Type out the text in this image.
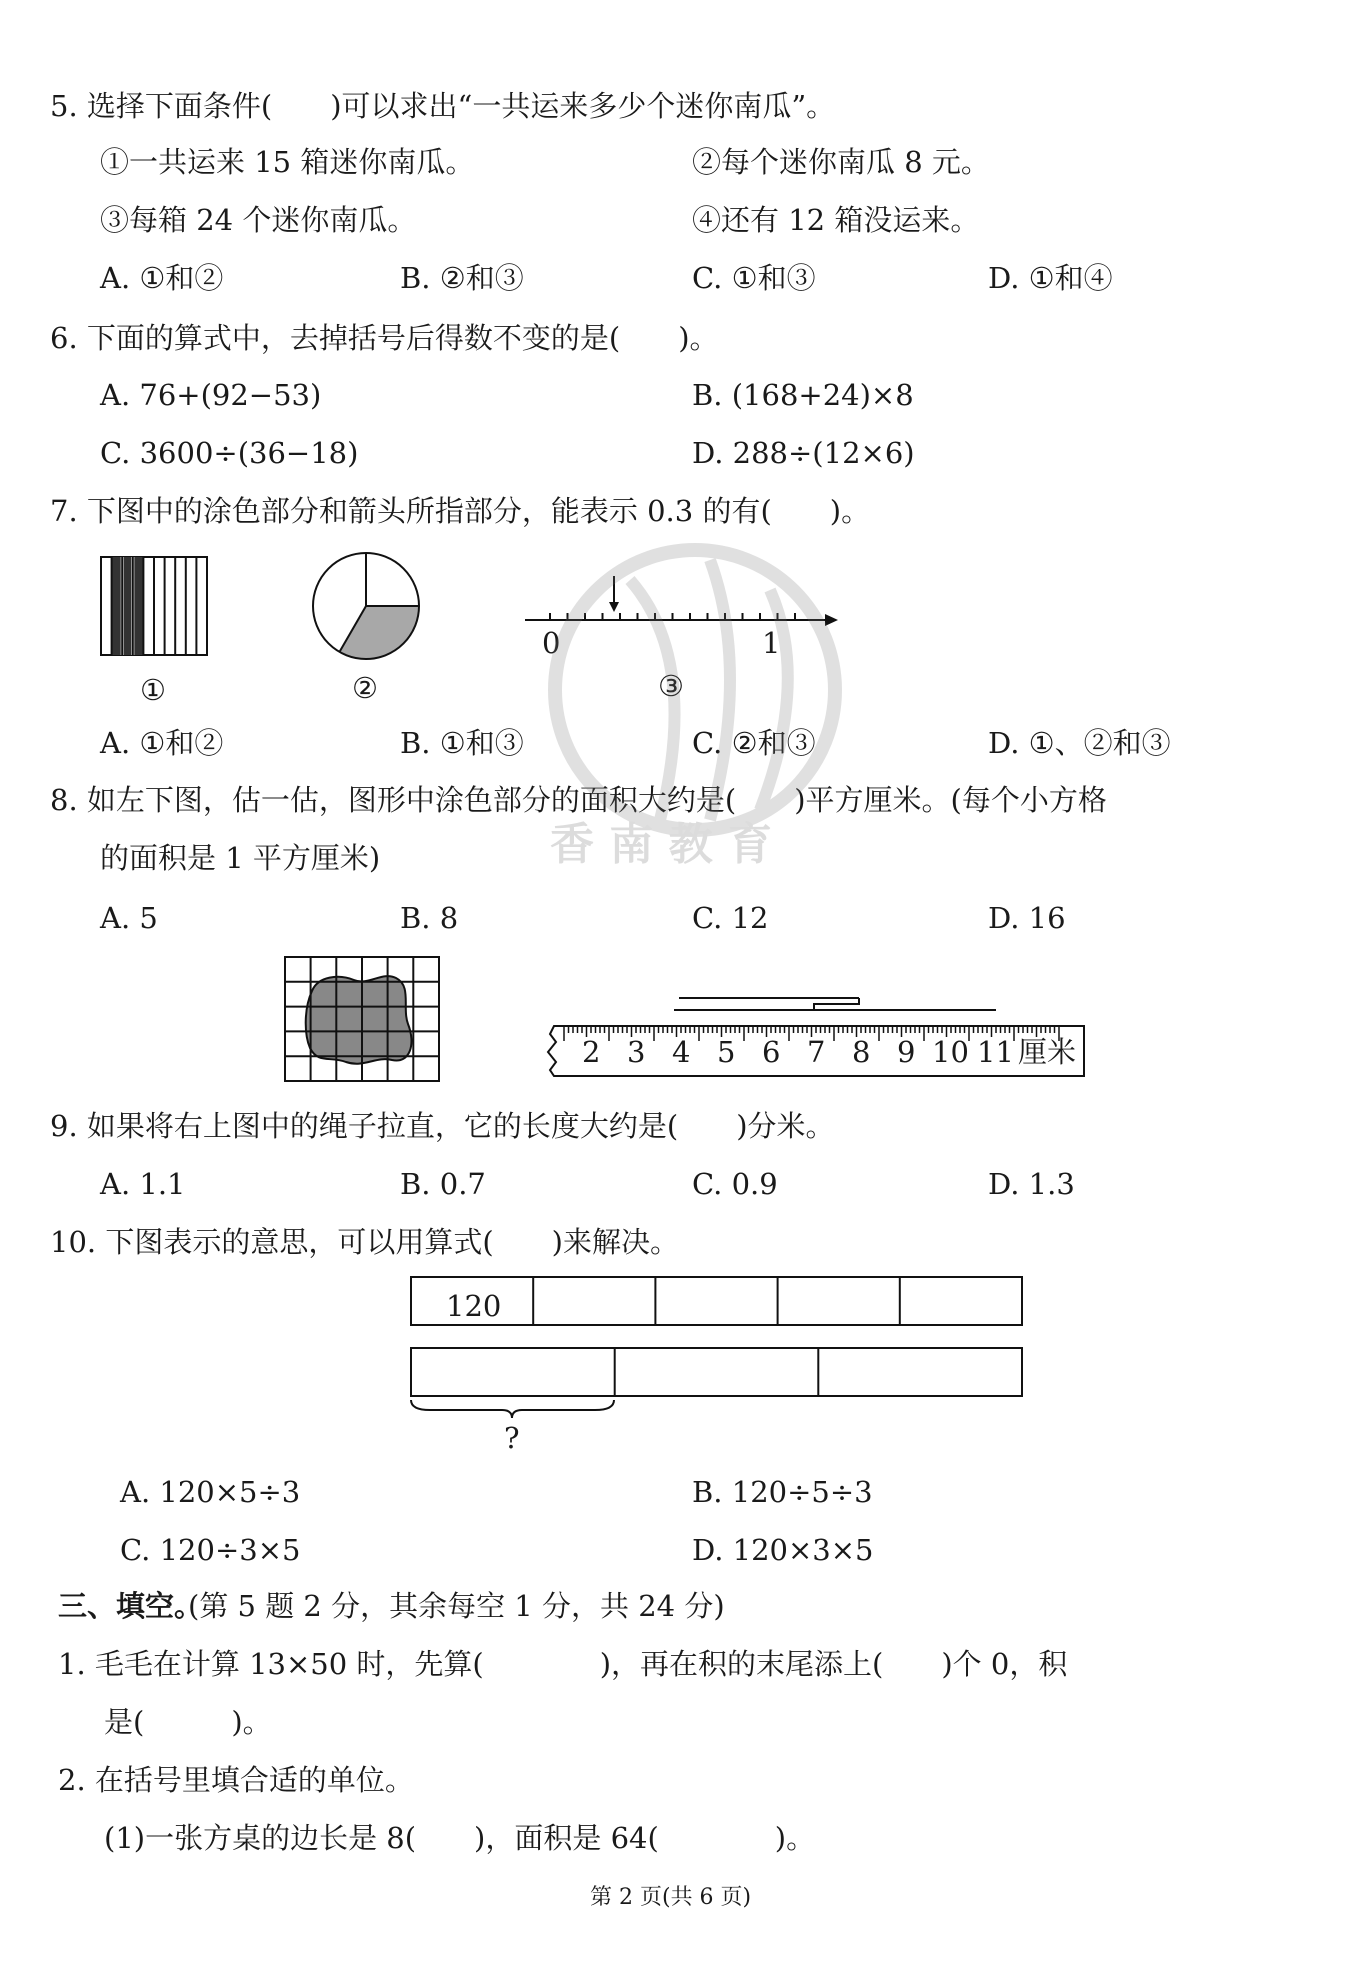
5. 选择下面条件(　　)可以求出“一共运来多少个迷你南瓜”。
①一共运来 15 箱迷你南瓜。	②每个迷你南瓜 8 元。
③每箱 24 个迷你南瓜。	④还有 12 箱没运来。
A. ①和②	B. ②和③	C. ①和③	D. ①和④
6. 下面的算式中，去掉括号后得数不变的是(　　)。
A. 76+(92−53)	B. (168+24)×8
C. 3600÷(36−18)	D. 288÷(12×6)
7. 下图中的涂色部分和箭头所指部分，能表示 0.3 的有(　　)。
①	②
0	1
③
A. ①和②	B. ①和③	C. ②和③	D. ①、②和③
8. 如左下图，估一估，图形中涂色部分的面积大约是(　　)平方厘米。(每个小方格
的面积是 1 平方厘米)
A. 5	B. 8	C. 12	D. 16
2 3 4 5 6 7 8 9 10 11 厘米
9. 如果将右上图中的绳子拉直，它的长度大约是(　　)分米。
A. 1.1	B. 0.7	C. 0.9	D. 1.3
10. 下图表示的意思，可以用算式(　　)来解决。
120
?
A. 120×5÷3	B. 120÷5÷3
C. 120÷3×5	D. 120×3×5
三、填空。
(第 5 题 2 分，其余每空 1 分，共 24 分)
1. 毛毛在计算 13×50 时，先算(　　　　)，再在积的末尾添上(　　)个 0，积
是(　　　)。
2. 在括号里填合适的单位。
(1)一张方桌的边长是 8(　　)，面积是 64(　　　　)。
第 2 页(共 6 页)
香 南 教 育
